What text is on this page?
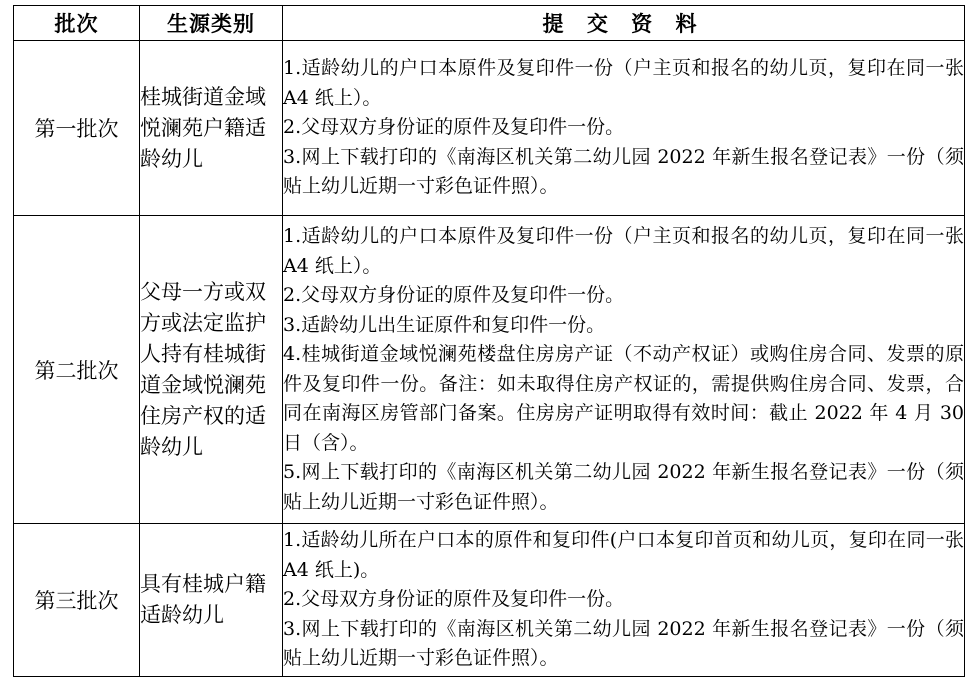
批次	生源类别	提 交 资 料
第一批次	桂城街道金域悦澜苑户籍适龄幼儿	1.适龄幼儿的户口本原件及复印件一份（户主页和报名的幼儿页，复印在同一张 A4 纸上）。
2.父母双方身份证的原件及复印件一份。
3.网上下载打印的《南海区机关第二幼儿园 2022 年新生报名登记表》一份（须贴上幼儿近期一寸彩色证件照）。

第二批次	父母一方或双方或法定监护人持有桂城街道金域悦澜苑住房产权的适龄幼儿	1.适龄幼儿的户口本原件及复印件一份（户主页和报名的幼儿页，复印在同一张 A4 纸上）。
2.父母双方身份证的原件及复印件一份。
3.适龄幼儿出生证原件和复印件一份。
4.桂城街道金域悦澜苑楼盘住房房产证（不动产权证）或购住房合同、发票的原件及复印件一份。备注：如未取得住房产权证的，需提供购住房合同、发票，合同在南海区房管部门备案。住房房产证明取得有效时间：截止 2022 年 4 月 30 日（含）。
5.网上下载打印的《南海区机关第二幼儿园 2022 年新生报名登记表》一份（须贴上幼儿近期一寸彩色证件照）。

第三批次	具有桂城户籍适龄幼儿	1.适龄幼儿所在户口本的原件和复印件(户口本复印首页和幼儿页，复印在同一张 A4 纸上)。
2.父母双方身份证的原件及复印件一份。
3.网上下载打印的《南海区机关第二幼儿园 2022 年新生报名登记表》一份（须贴上幼儿近期一寸彩色证件照）。
